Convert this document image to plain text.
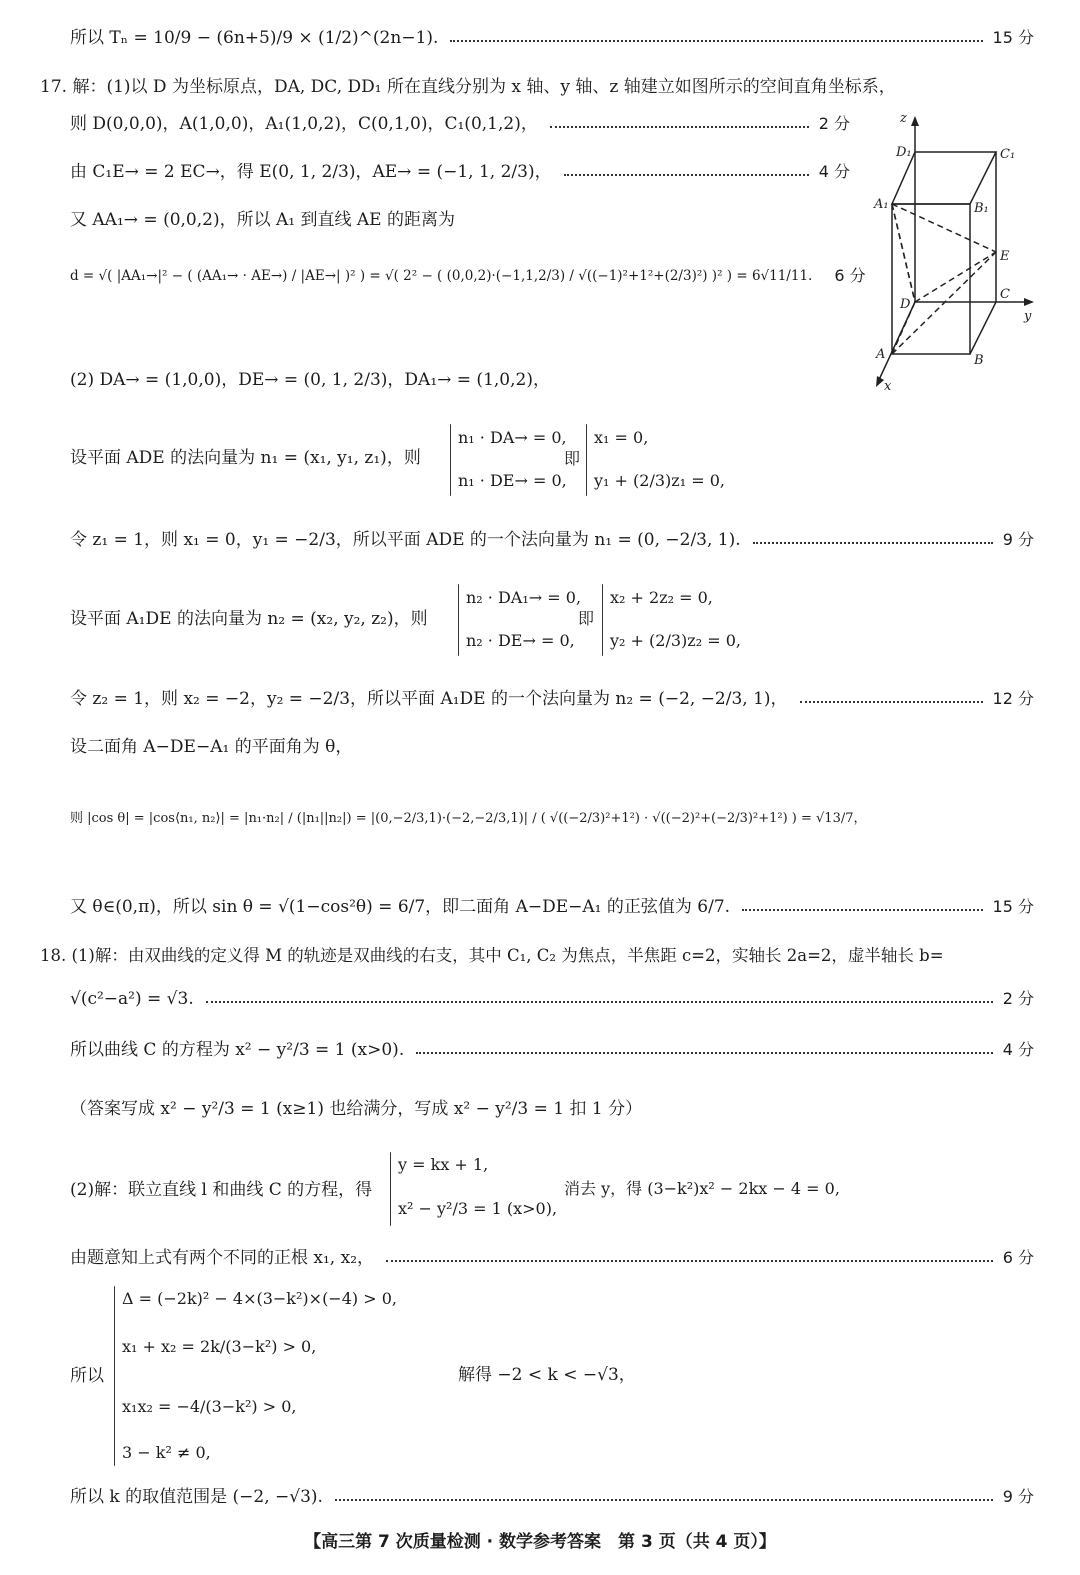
所以 Tₙ = 10/9 − (6n+5)/9 × (1/2)^(2n−1).	15 分
17. 解：(1)以 D 为坐标原点，DA, DC, DD₁ 所在直线分别为 x 轴、y 轴、z 轴建立如图所示的空间直角坐标系，
则 D(0,0,0)，A(1,0,0)，A₁(1,0,2)，C(0,1,0)，C₁(0,1,2)，	2 分
由 C₁E→ = 2 EC→，得 E(0, 1, 2/3)，AE→ = (−1, 1, 2/3)，	4 分
又 AA₁→ = (0,0,2)，所以 A₁ 到直线 AE 的距离为
d = √( |AA₁→|² − ( (AA₁→ · AE→) / |AE→| )² ) = √( 2² − ( (0,0,2)·(−1,1,2/3) / √((−1)²+1²+(2/3)²) )² ) = 6√11/11. 6 分
(2) DA→ = (1,0,0)，DE→ = (0, 1, 2/3)，DA₁→ = (1,0,2)，
设平面 ADE 的法向量为 n₁ = (x₁, y₁, z₁)，则
n₁ · DA→ = 0,
n₁ · DE→ = 0,
即
x₁ = 0,
y₁ + (2/3)z₁ = 0,
令 z₁ = 1，则 x₁ = 0，y₁ = −2/3，所以平面 ADE 的一个法向量为 n₁ = (0, −2/3, 1).	9 分
设平面 A₁DE 的法向量为 n₂ = (x₂, y₂, z₂)，则
n₂ · DA₁→ = 0,
n₂ · DE→ = 0,
即
x₂ + 2z₂ = 0,
y₂ + (2/3)z₂ = 0,
令 z₂ = 1，则 x₂ = −2，y₂ = −2/3，所以平面 A₁DE 的一个法向量为 n₂ = (−2, −2/3, 1)，	12 分
设二面角 A−DE−A₁ 的平面角为 θ，
则 |cos θ| = |cos⟨n₁, n₂⟩| = |n₁·n₂| / (|n₁||n₂|) = |(0,−2/3,1)·(−2,−2/3,1)| / ( √((−2/3)²+1²) · √((−2)²+(−2/3)²+1²) ) = √13/7，
又 θ∈(0,π)，所以 sin θ = √(1−cos²θ) = 6/7，即二面角 A−DE−A₁ 的正弦值为 6/7.	15 分
18. (1)解：由双曲线的定义得 M 的轨迹是双曲线的右支，其中 C₁, C₂ 为焦点，半焦距 c=2，实轴长 2a=2，虚半轴长 b=
√(c²−a²) = √3.	2 分
所以曲线 C 的方程为 x² − y²/3 = 1 (x>0).	4 分
（答案写成 x² − y²/3 = 1 (x≥1) 也给满分，写成 x² − y²/3 = 1 扣 1 分）
(2)解：联立直线 l 和曲线 C 的方程，得
y = kx + 1,
x² − y²/3 = 1 (x>0),
消去 y，得 (3−k²)x² − 2kx − 4 = 0,
由题意知上式有两个不同的正根 x₁, x₂，	6 分
所以
Δ = (−2k)² − 4×(3−k²)×(−4) > 0,
x₁ + x₂ = 2k/(3−k²) > 0,
x₁x₂ = −4/(3−k²) > 0,
3 − k² ≠ 0,
解得 −2 < k < −√3，
所以 k 的取值范围是 (−2, −√3).	9 分
z
D₁	C₁
A₁	B₁
E
D
C
y
A	B
x
【高三第 7 次质量检测 · 数学参考答案　第 3 页（共 4 页）】
